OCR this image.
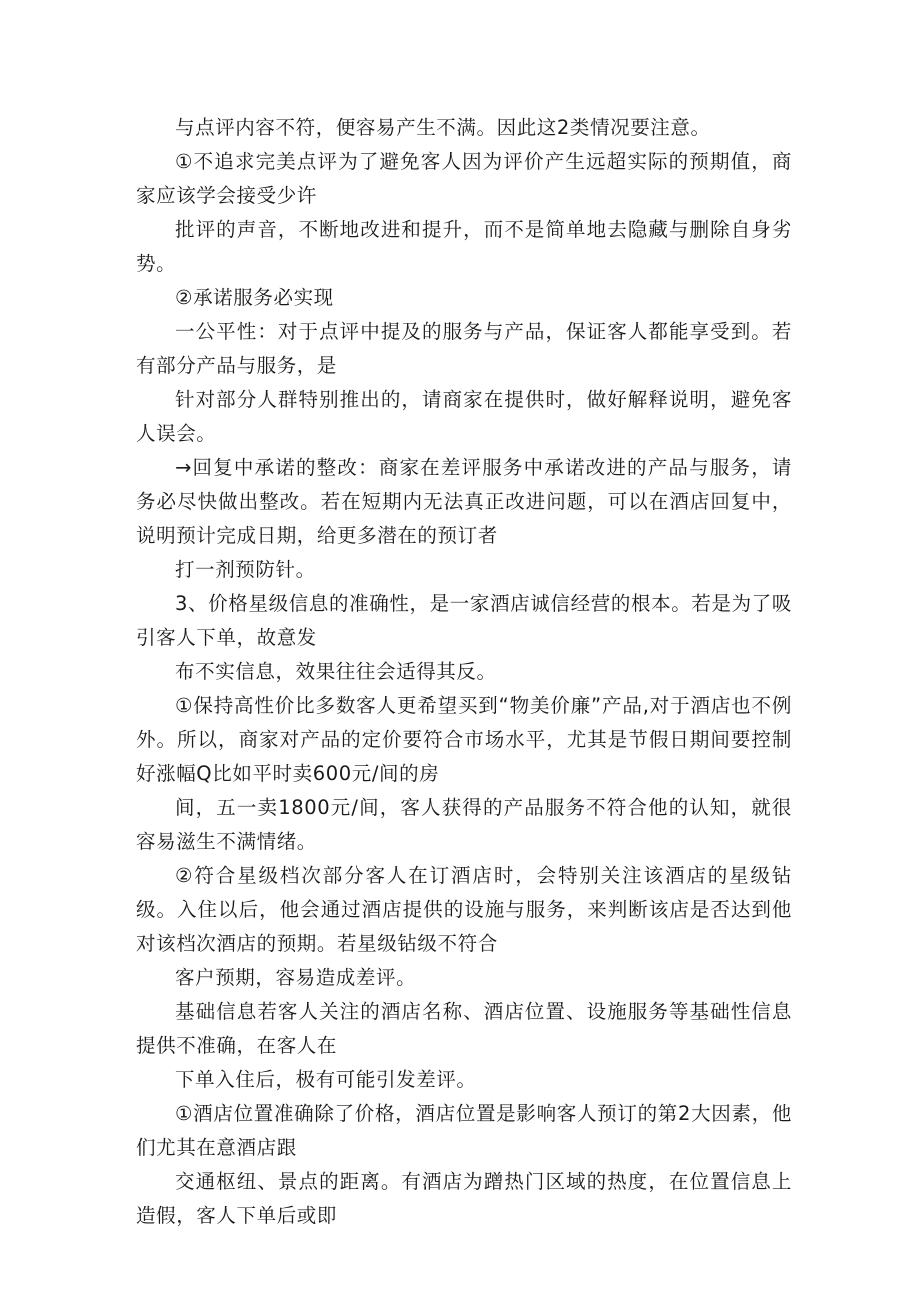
与点评内容不符，便容易产生不满。因此这2类情况要注意。

①不追求完美点评为了避免客人因为评价产生远超实际的预期值，商家应该学会接受少许

批评的声音，不断地改进和提升，而不是简单地去隐藏与删除自身劣势。

②承诺服务必实现

一公平性：对于点评中提及的服务与产品，保证客人都能享受到。若有部分产品与服务，是

针对部分人群特别推出的，请商家在提供时，做好解释说明，避免客人误会。

→回复中承诺的整改：商家在差评服务中承诺改进的产品与服务，请务必尽快做出整改。若在短期内无法真正改进问题，可以在酒店回复中，说明预计完成日期，给更多潜在的预订者

打一剂预防针。

3、价格星级信息的准确性，是一家酒店诚信经营的根本。若是为了吸引客人下单，故意发

布不实信息，效果往往会适得其反。

①保持高性价比多数客人更希望买到“物美价廉”产品,对于酒店也不例外。所以，商家对产品的定价要符合市场水平，尤其是节假日期间要控制好涨幅Q比如平时卖600元/间的房

间，五一卖1800元/间，客人获得的产品服务不符合他的认知，就很容易滋生不满情绪。

②符合星级档次部分客人在订酒店时，会特别关注该酒店的星级钻级。入住以后，他会通过酒店提供的设施与服务，来判断该店是否达到他对该档次酒店的预期。若星级钻级不符合

客户预期，容易造成差评。

基础信息若客人关注的酒店名称、酒店位置、设施服务等基础性信息提供不准确，在客人在

下单入住后，极有可能引发差评。

①酒店位置准确除了价格，酒店位置是影响客人预订的第2大因素，他们尤其在意酒店跟

交通枢纽、景点的距离。有酒店为蹭热门区域的热度，在位置信息上造假，客人下单后或即
